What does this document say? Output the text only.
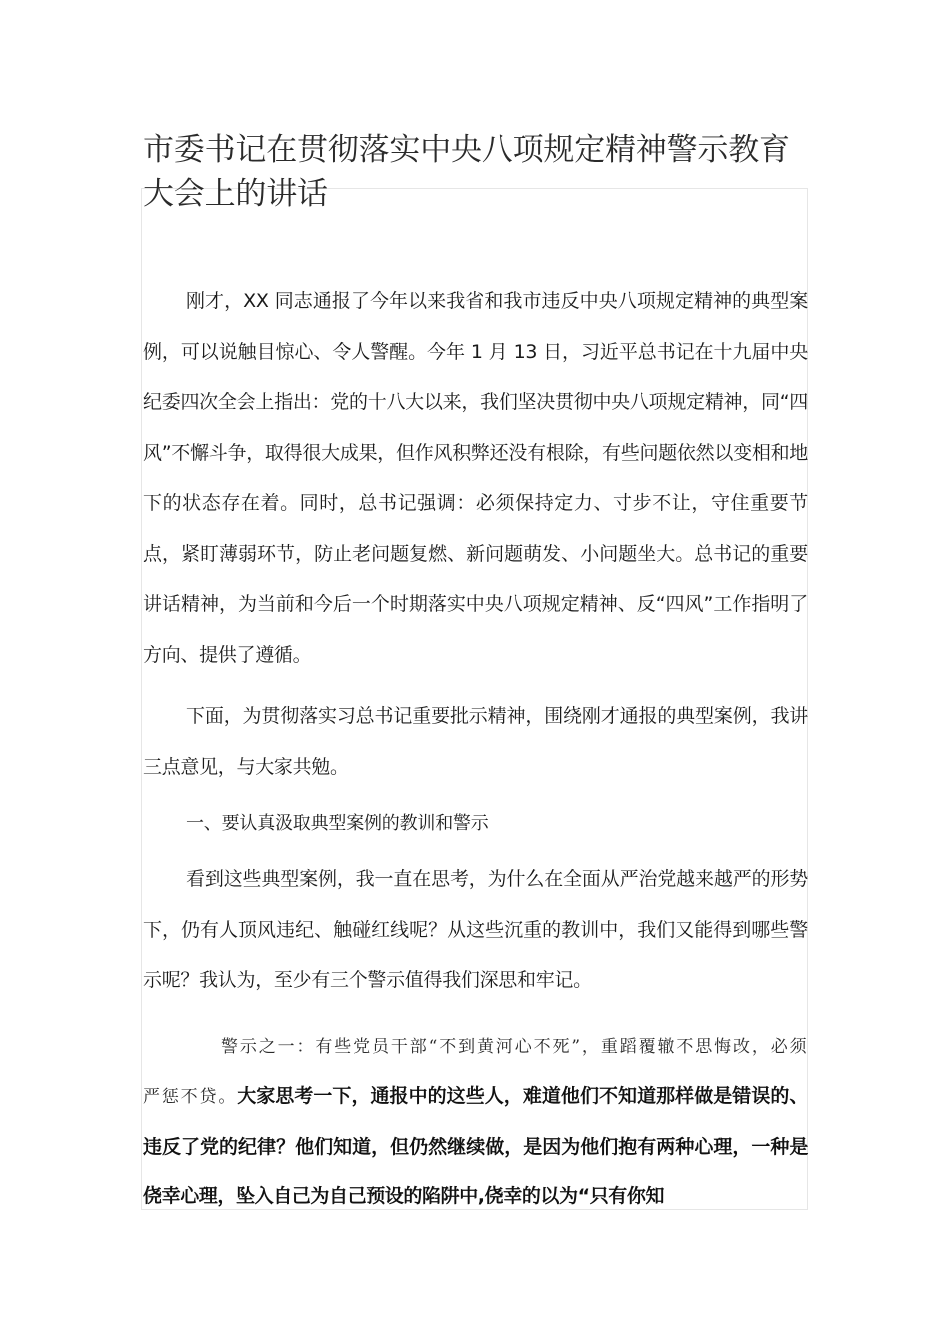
市委书记在贯彻落实中央八项规定精神警示教育大会上的讲话

刚才，XX 同志通报了今年以来我省和我市违反中央八项规定精神的典型案例，可以说触目惊心、令人警醒。今年 1 月 13 日，习近平总书记在十九届中央纪委四次全会上指出：党的十八大以来，我们坚决贯彻中央八项规定精神，同“四风”不懈斗争，取得很大成果，但作风积弊还没有根除，有些问题依然以变相和地下的状态存在着。同时，总书记强调：必须保持定力、寸步不让，守住重要节点，紧盯薄弱环节，防止老问题复燃、新问题萌发、小问题坐大。总书记的重要讲话精神，为当前和今后一个时期落实中央八项规定精神、反“四风”工作指明了方向、提供了遵循。

下面，为贯彻落实习总书记重要批示精神，围绕刚才通报的典型案例，我讲三点意见，与大家共勉。

一、要认真汲取典型案例的教训和警示

看到这些典型案例，我一直在思考，为什么在全面从严治党越来越严的形势下，仍有人顶风违纪、触碰红线呢？从这些沉重的教训中，我们又能得到哪些警示呢？我认为，至少有三个警示值得我们深思和牢记。

警示之一：有些党员干部“不到黄河心不死”，重蹈覆辙不思悔改，必须严惩不贷。大家思考一下，通报中的这些人，难道他们不知道那样做是错误的、违反了党的纪律？他们知道，但仍然继续做，是因为他们抱有两种心理，一种是侥幸心理，坠入自己为自己预设的陷阱中,侥幸的以为“只有你知
